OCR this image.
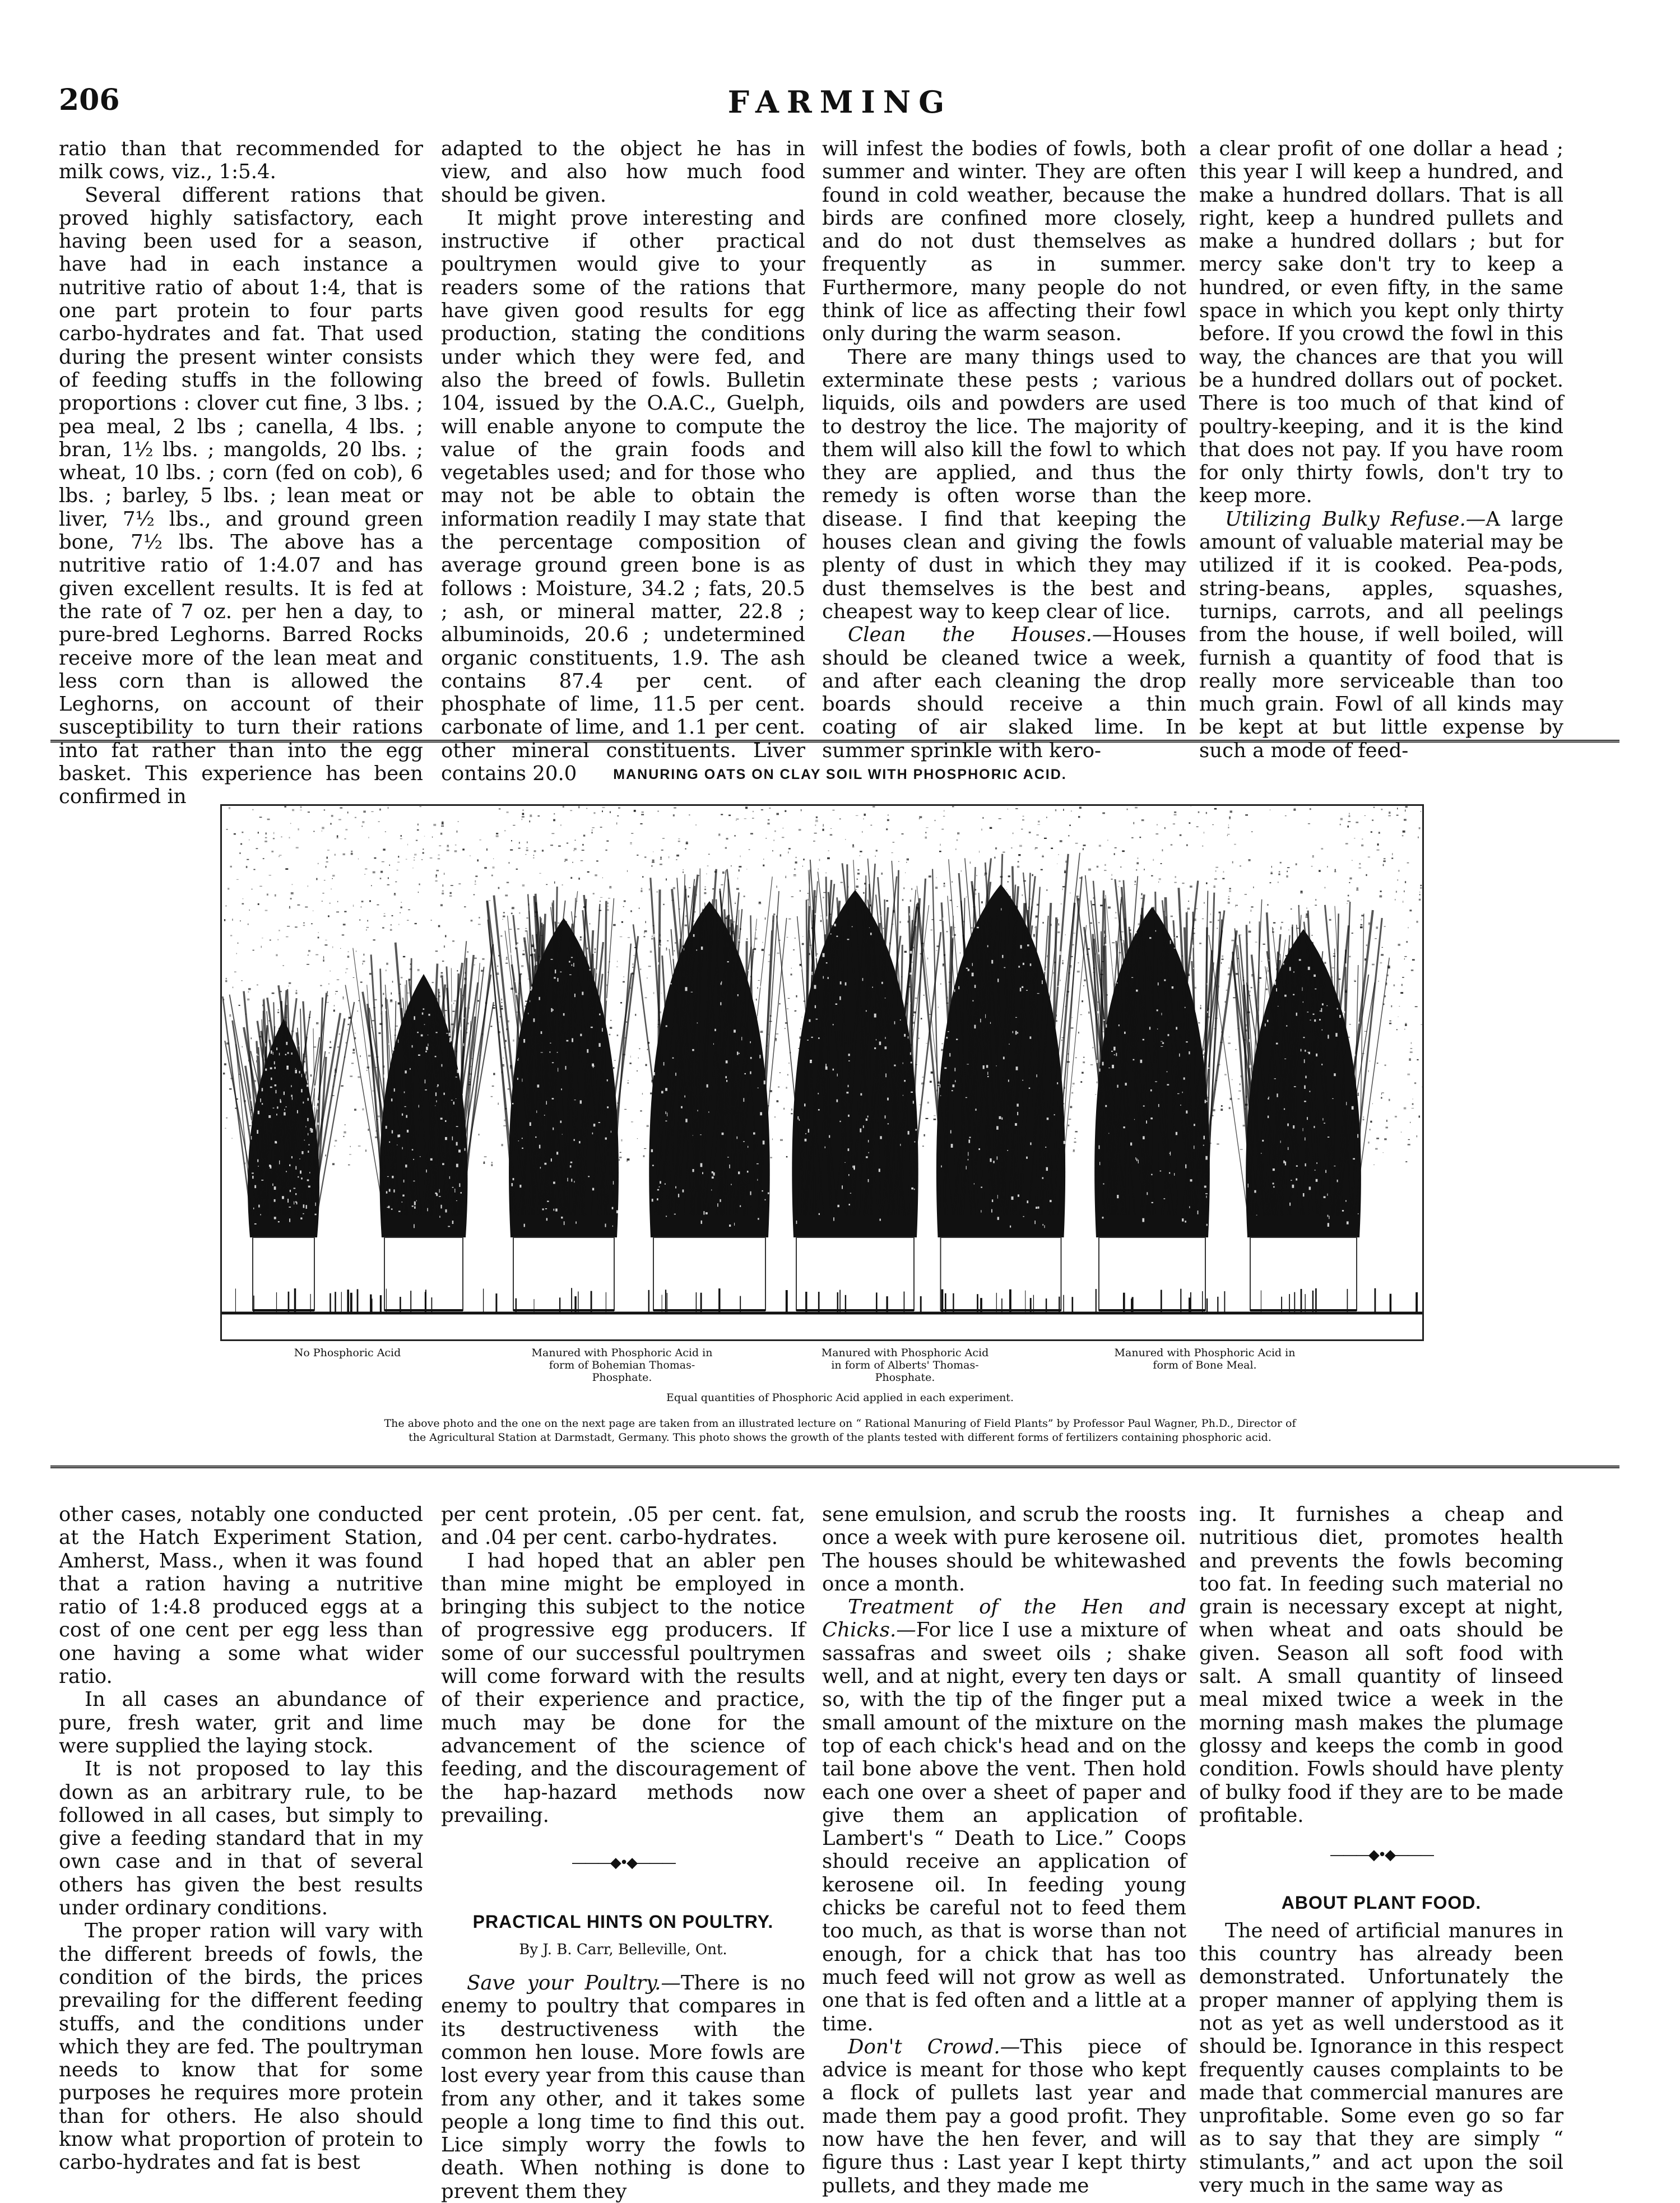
206	FARMING

ratio than that recommended for milk cows, viz., 1:5.4.

Several different rations that proved highly satisfactory, each having been used for a season, have had in each instance a nutritive ratio of about 1:4, that is one part protein to four parts carbo-hydrates and fat. That used during the present winter consists of feeding stuffs in the following proportions : clover cut fine, 3 lbs. ; pea meal, 2 lbs ; canella, 4 lbs. ; bran, 1½ lbs. ; mangolds, 20 lbs. ; wheat, 10 lbs. ; corn (fed on cob), 6 lbs. ; barley, 5 lbs. ; lean meat or liver, 7½ lbs., and ground green bone, 7½ lbs. The above has a nutritive ratio of 1:4.07 and has given excellent results. It is fed at the rate of 7 oz. per hen a day, to pure-bred Leghorns. Barred Rocks receive more of the lean meat and less corn than is allowed the Leghorns, on account of their susceptibility to turn their rations into fat rather than into the egg basket. This experience has been confirmed in

adapted to the object he has in view, and also how much food should be given.

It might prove interesting and instructive if other practical poultrymen would give to your readers some of the rations that have given good results for egg production, stating the conditions under which they were fed, and also the breed of fowls. Bulletin 104, issued by the O.A.C., Guelph, will enable anyone to compute the value of the grain foods and vegetables used; and for those who may not be able to obtain the information readily I may state that the percentage composition of average ground green bone is as follows : Moisture, 34.2 ; fats, 20.5 ; ash, or mineral matter, 22.8 ; albuminoids, 20.6 ; undetermined organic constituents, 1.9. The ash contains 87.4 per cent. of phosphate of lime, 11.5 per cent. carbonate of lime, and 1.1 per cent. other mineral constituents. Liver contains 20.0

will infest the bodies of fowls, both summer and winter. They are often found in cold weather, because the birds are confined more closely, and do not dust themselves as frequently as in summer. Furthermore, many people do not think of lice as affecting their fowl only during the warm season.

There are many things used to exterminate these pests ; various liquids, oils and powders are used to destroy the lice. The majority of them will also kill the fowl to which they are applied, and thus the remedy is often worse than the disease. I find that keeping the houses clean and giving the fowls plenty of dust in which they may dust themselves is the best and cheapest way to keep clear of lice.

Clean the Houses.—Houses should be cleaned twice a week, and after each cleaning the drop boards should receive a thin coating of air slaked lime. In summer sprinkle with kero-

a clear profit of one dollar a head ; this year I will keep a hundred, and make a hundred dollars. That is all right, keep a hundred pullets and make a hundred dollars ; but for mercy sake don't try to keep a hundred, or even fifty, in the same space in which you kept only thirty before. If you crowd the fowl in this way, the chances are that you will be a hundred dollars out of pocket. There is too much of that kind of poultry-keeping, and it is the kind that does not pay. If you have room for only thirty fowls, don't try to keep more.

Utilizing Bulky Refuse.—A large amount of valuable material may be utilized if it is cooked. Pea-pods, string-beans, apples, squashes, turnips, carrots, and all peelings from the house, if well boiled, will furnish a quantity of food that is really more serviceable than too much grain. Fowl of all kinds may be kept at but little expense by such a mode of feed-

MANURING OATS ON CLAY SOIL WITH PHOSPHORIC ACID.
No Phosphoric Acid	Manured with Phosphoric Acid in form of Bohemian Thomas-Phosphate.
Manured with Phosphoric Acid in form of Alberts' Thomas-Phosphate.
Manured with Phosphoric Acid in form of Bone Meal.
Equal quantities of Phosphoric Acid applied in each experiment.
The above photo and the one on the next page are taken from an illustrated lecture on “ Rational Manuring of Field Plants” by Professor Paul Wagner, Ph.D., Director of
the Agricultural Station at Darmstadt, Germany. This photo shows the growth of the plants tested with different forms of fertilizers containing phosphoric acid.

other cases, notably one conducted at the Hatch Experiment Station, Amherst, Mass., when it was found that a ration having a nutritive ratio of 1:4.8 produced eggs at a cost of one cent per egg less than one having a some what wider ratio.

In all cases an abundance of pure, fresh water, grit and lime were supplied the laying stock.

It is not proposed to lay this down as an arbitrary rule, to be followed in all cases, but simply to give a feeding standard that in my own case and in that of several others has given the best results under ordinary conditions.

The proper ration will vary with the different breeds of fowls, the condition of the birds, the prices prevailing for the different feeding stuffs, and the conditions under which they are fed. The poultryman needs to know that for some purposes he requires more protein than for others. He also should know what proportion of protein to carbo-hydrates and fat is best

per cent protein, .05 per cent. fat, and .04 per cent. carbo-hydrates.

I had hoped that an abler pen than mine might be employed in bringing this subject to the notice of progressive egg producers. If some of our successful poultrymen will come forward with the results of their experience and practice, much may be done for the advancement of the science of feeding, and the discouragement of the hap-hazard methods now prevailing.

———◆•◆———
PRACTICAL HINTS ON POULTRY.
By J. B. Carr, Belleville, Ont.

Save your Poultry.—There is no enemy to poultry that compares in its destructiveness with the common hen louse. More fowls are lost every year from this cause than from any other, and it takes some people a long time to find this out. Lice simply worry the fowls to death. When nothing is done to prevent them they

sene emulsion, and scrub the roosts once a week with pure kerosene oil. The houses should be whitewashed once a month.

Treatment of the Hen and Chicks.—For lice I use a mixture of sassafras and sweet oils ; shake well, and at night, every ten days or so, with the tip of the finger put a small amount of the mixture on the top of each chick's head and on the tail bone above the vent. Then hold each one over a sheet of paper and give them an application of Lambert's “ Death to Lice.” Coops should receive an application of kerosene oil. In feeding young chicks be careful not to feed them too much, as that is worse than not enough, for a chick that has too much feed will not grow as well as one that is fed often and a little at a time.

Don't Crowd.—This piece of advice is meant for those who kept a flock of pullets last year and made them pay a good profit. They now have the hen fever, and will figure thus : Last year I kept thirty pullets, and they made me

ing. It furnishes a cheap and nutritious diet, promotes health and prevents the fowls becoming too fat. In feeding such material no grain is necessary except at night, when wheat and oats should be given. Season all soft food with salt. A small quantity of linseed meal mixed twice a week in the morning mash makes the plumage glossy and keeps the comb in good condition. Fowls should have plenty of bulky food if they are to be made profitable.

———◆•◆———
ABOUT PLANT FOOD.

The need of artificial manures in this country has already been demonstrated. Unfortunately the proper manner of applying them is not as yet as well understood as it should be. Ignorance in this respect frequently causes complaints to be made that commercial manures are unprofitable. Some even go so far as to say that they are simply “ stimulants,” and act upon the soil very much in the same way as
